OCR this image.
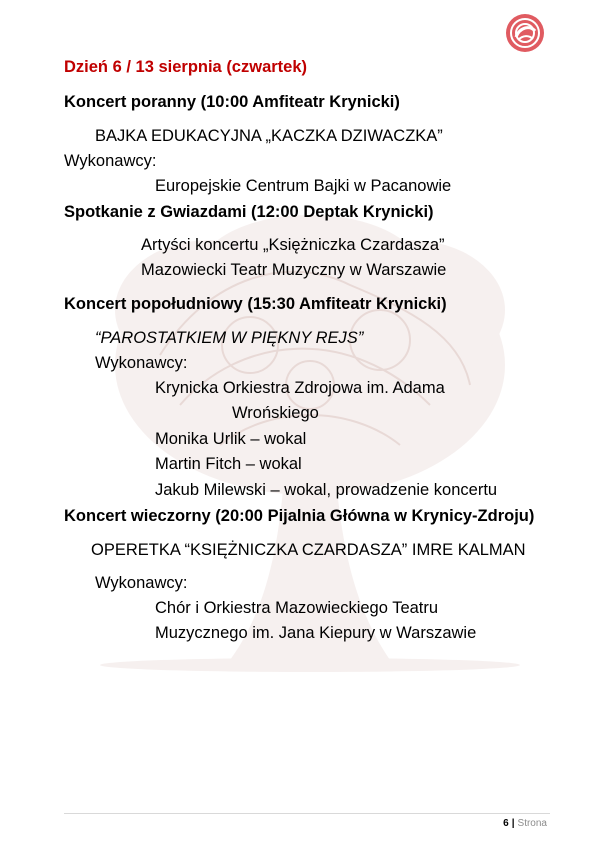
Dzień 6 / 13 sierpnia (czwartek)
Koncert poranny (10:00 Amfiteatr Krynicki)
BAJKA EDUKACYJNA „KACZKA DZIWACZKA”
Wykonawcy:
Europejskie Centrum Bajki w Pacanowie
Spotkanie z Gwiazdami (12:00 Deptak Krynicki)
Artyści koncertu „Księżniczka Czardasza”
Mazowiecki Teatr Muzyczny w Warszawie
Koncert popołudniowy (15:30 Amfiteatr Krynicki)
“PAROSTATKIEM W PIĘKNY REJS”
Wykonawcy:
Krynicka Orkiestra Zdrojowa im. Adama
Wrońskiego
Monika Urlik – wokal
Martin Fitch – wokal
Jakub Milewski – wokal, prowadzenie koncertu
Koncert wieczorny (20:00 Pijalnia Główna w Krynicy-Zdroju)
OPERETKA “KSIĘŻNICZKA CZARDASZA” IMRE KALMAN
Wykonawcy:
Chór i Orkiestra Mazowieckiego Teatru
Muzycznego im. Jana Kiepury w Warszawie
6 | Strona
